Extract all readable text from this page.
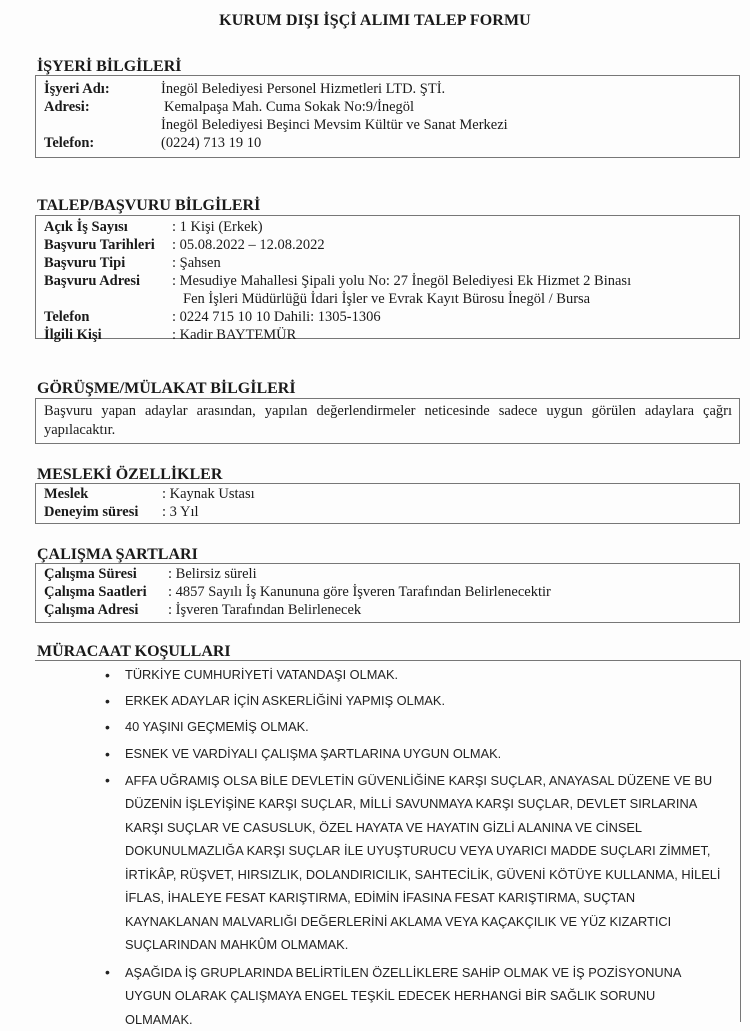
KURUM DIŞI İŞÇİ ALIMI TALEP FORMU
İŞYERİ BİLGİLERİ
İşyeri Adı:	İnegöl Belediyesi Personel Hizmetleri LTD. ŞTİ.
Adresi:	Kemalpaşa Mah. Cuma Sokak No:9/İnegöl
İnegöl Belediyesi Beşinci Mevsim Kültür ve Sanat Merkezi
Telefon:	(0224) 713 19 10
TALEP/BAŞVURU BİLGİLERİ
Açık İş Sayısı	: 1 Kişi (Erkek)
Başvuru Tarihleri : 05.08.2022 – 12.08.2022
Başvuru Tipi	: Şahsen
Başvuru Adresi : Mesudiye Mahallesi Şipali yolu No: 27 İnegöl Belediyesi Ek Hizmet 2 Binası
Fen İşleri Müdürlüğü İdari İşler ve Evrak Kayıt Bürosu İnegöl / Bursa
Telefon	: 0224 715 10 10 Dahili: 1305-1306
İlgili Kişi	: Kadir BAYTEMÜR
GÖRÜŞME/MÜLAKAT BİLGİLERİ
Başvuru yapan adaylar arasından, yapılan değerlendirmeler neticesinde sadece uygun görülen adaylara çağrı yapılacaktır.
MESLEKİ ÖZELLİKLER
Meslek	: Kaynak Ustası
Deneyim süresi : 3 Yıl
ÇALIŞMA ŞARTLARI
Çalışma Süresi : Belirsiz süreli
Çalışma Saatleri : 4857 Sayılı İş Kanununa göre İşveren Tarafından Belirlenecektir
Çalışma Adresi : İşveren Tarafından Belirlenecek
MÜRACAAT KOŞULLARI
• TÜRKİYE CUMHURİYETİ VATANDAŞI OLMAK.
• ERKEK ADAYLAR İÇİN ASKERLİĞİNİ YAPMIŞ OLMAK.
• 40 YAŞINI GEÇMEMİŞ OLMAK.
• ESNEK VE VARDİYALI ÇALIŞMA ŞARTLARINA UYGUN OLMAK.
• AFFA UĞRAMIŞ OLSA BİLE DEVLETİN GÜVENLİĞİNE KARŞI SUÇLAR, ANAYASAL DÜZENE VE BU DÜZENİN İŞLEYİŞİNE KARŞI SUÇLAR, MİLLİ SAVUNMAYA KARŞI SUÇLAR, DEVLET SIRLARINA KARŞI SUÇLAR VE CASUSLUK, ÖZEL HAYATA VE HAYATIN GİZLİ ALANINA VE CİNSEL DOKUNULMAZLIĞA KARŞI SUÇLAR İLE UYUŞTURUCU VEYA UYARICI MADDE SUÇLARI ZİMMET, İRTİKÂP, RÜŞVET, HIRSIZLIK, DOLANDIRICILIK, SAHTECİLİK, GÜVENİ KÖTÜYE KULLANMA, HİLELİ İFLAS, İHALEYE FESAT KARIŞTIRMA, EDİMİN İFASINA FESAT KARIŞTIRMA, SUÇTAN KAYNAKLANAN MALVARLIĞI DEĞERLERİNİ AKLAMA VEYA KAÇAKÇILIK VE YÜZ KIZARTICI SUÇLARINDAN MAHKÛM OLMAMAK.
• AŞAĞIDA İŞ GRUPLARINDA BELİRTİLEN ÖZELLİKLERE SAHİP OLMAK VE İŞ POZİSYONUNA UYGUN OLARAK ÇALIŞMAYA ENGEL TEŞKİL EDECEK HERHANGİ BİR SAĞLIK SORUNU OLMAMAK.
